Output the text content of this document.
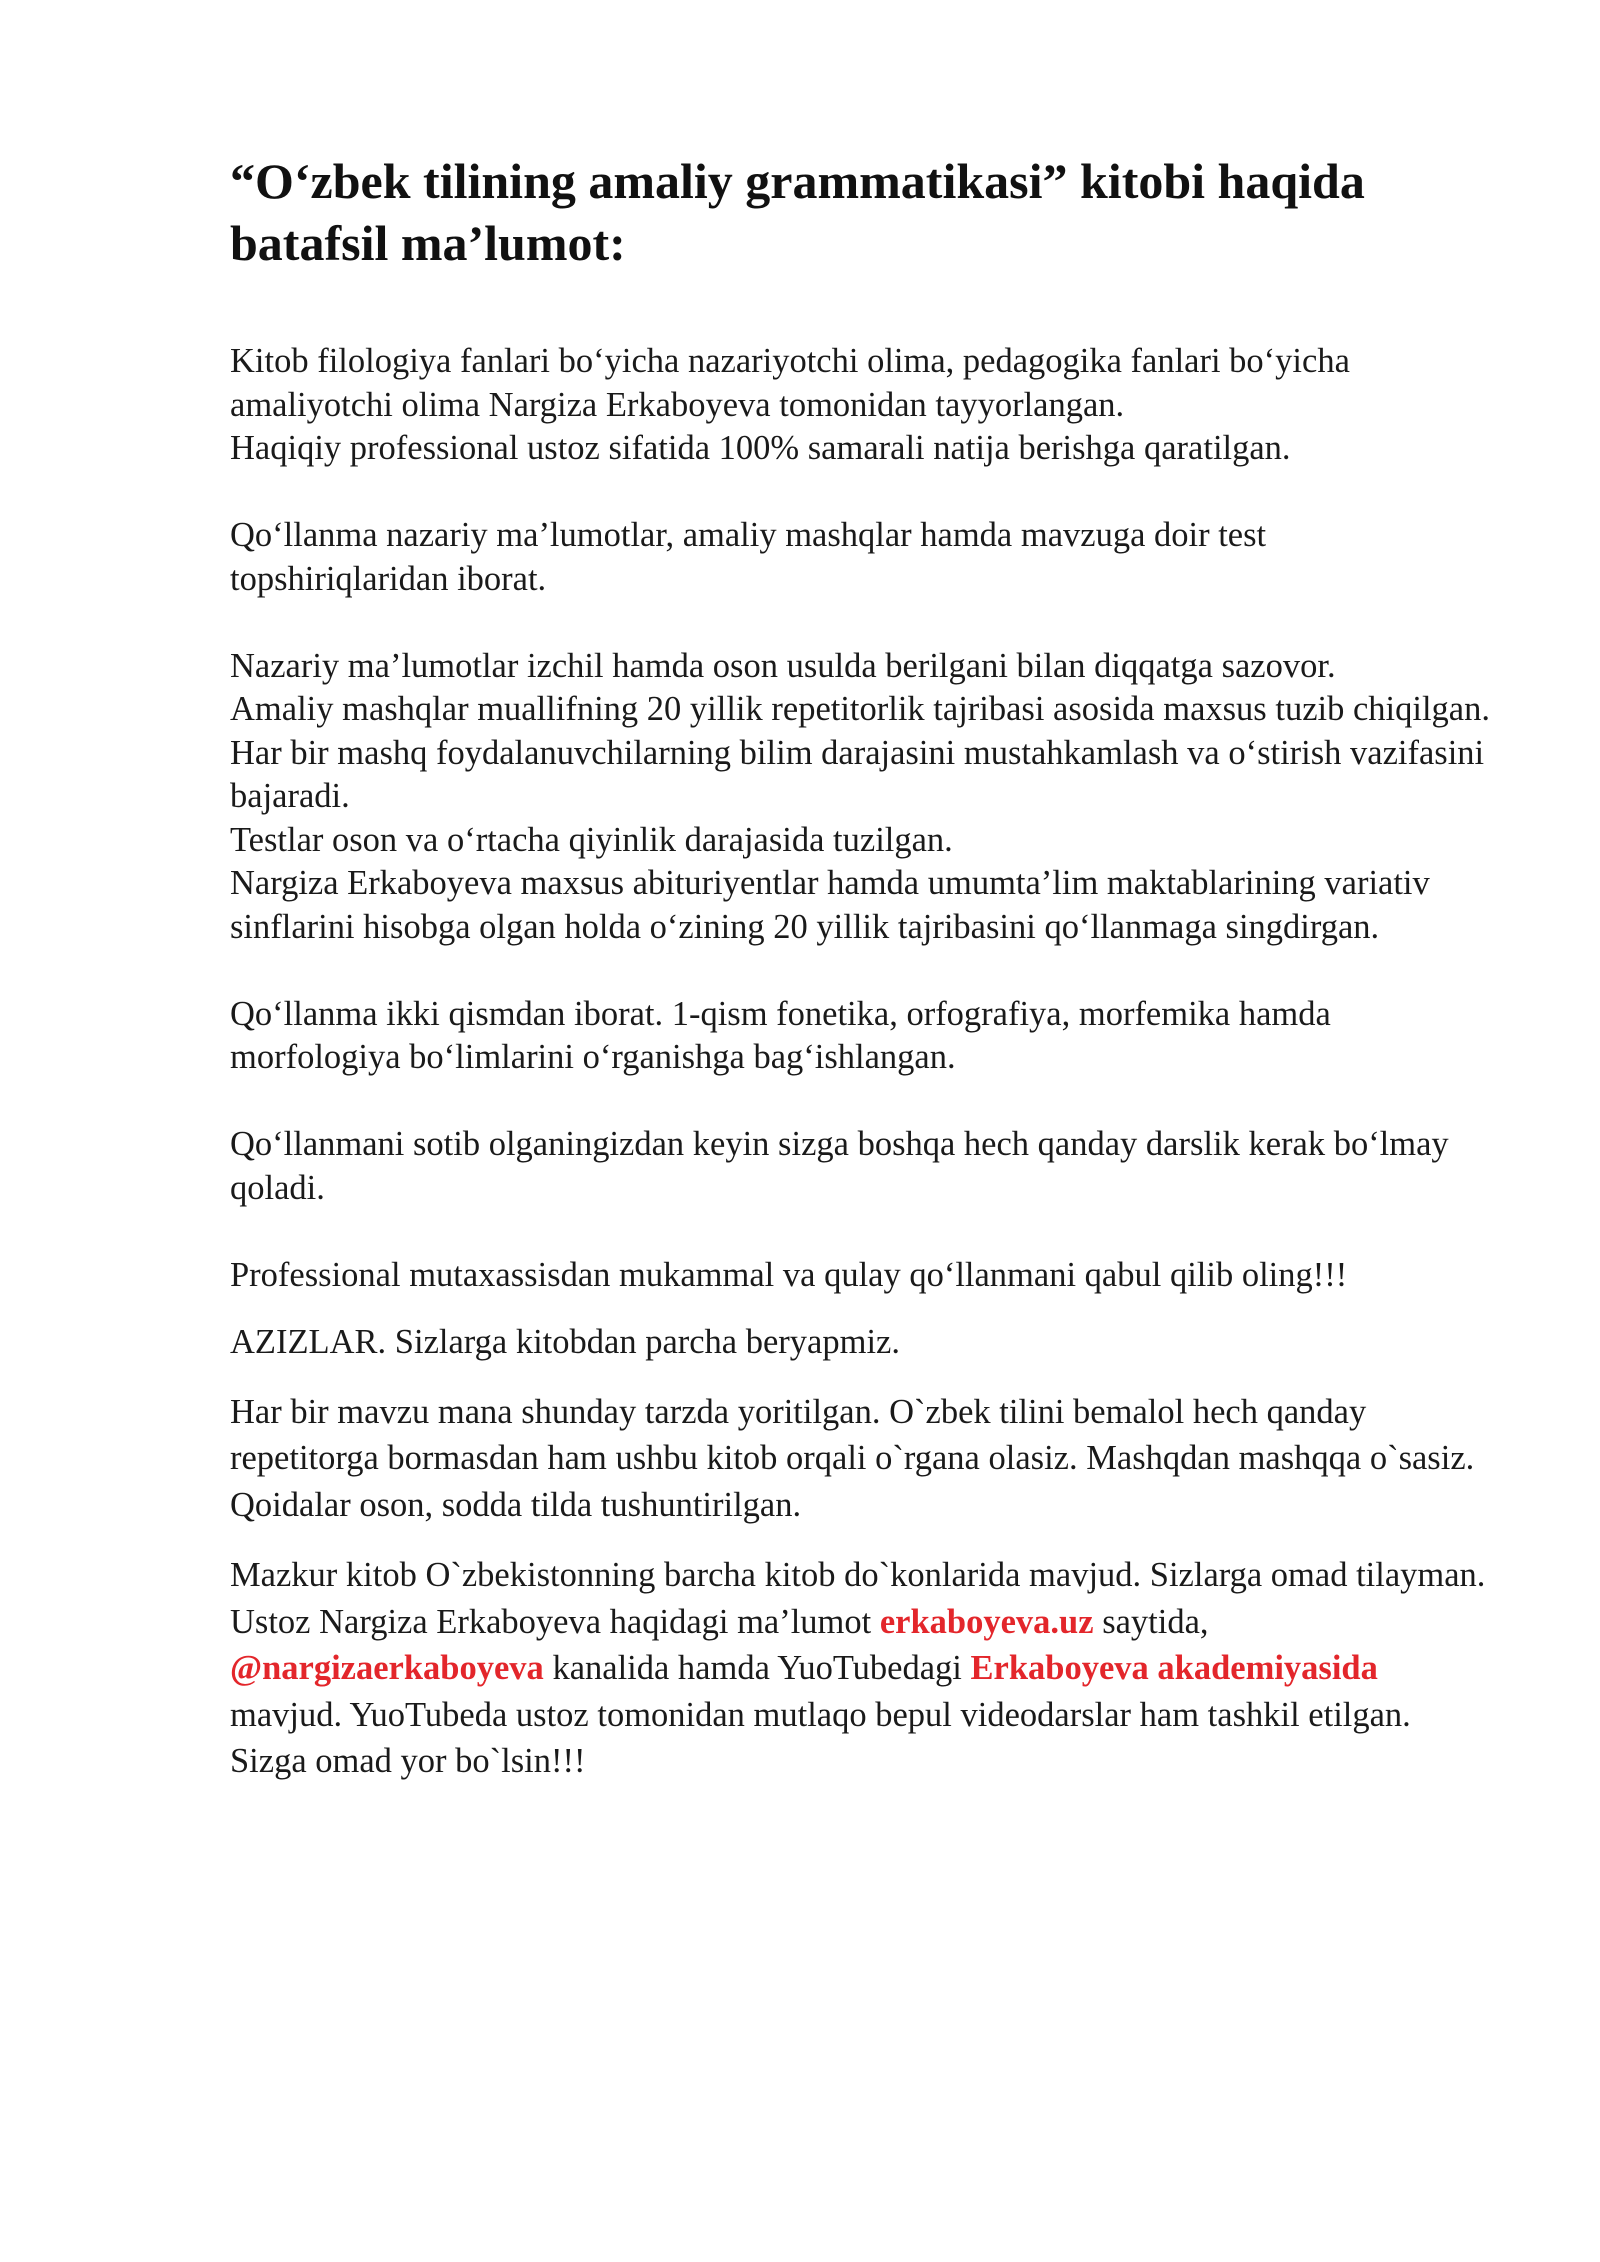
“O‘zbek tilining amaliy grammatikasi” kitobi haqida batafsil ma’lumot:

Kitob filologiya fanlari bo‘yicha nazariyotchi olima, pedagogika fanlari bo‘yicha amaliyotchi olima Nargiza Erkaboyeva tomonidan tayyorlangan.

Haqiqiy professional ustoz sifatida 100% samarali natija berishga qaratilgan.

Qo‘llanma nazariy ma’lumotlar, amaliy mashqlar hamda mavzuga doir test topshiriqlaridan iborat.

Nazariy ma’lumotlar izchil hamda oson usulda berilgani bilan diqqatga sazovor.

Amaliy mashqlar muallifning 20 yillik repetitorlik tajribasi asosida maxsus tuzib chiqilgan. Har bir mashq foydalanuvchilarning bilim darajasini mustahkamlash va o‘stirish vazifasini bajaradi.

Testlar oson va o‘rtacha qiyinlik darajasida tuzilgan.

Nargiza Erkaboyeva maxsus abituriyentlar hamda umumta’lim maktablarining variativ sinflarini hisobga olgan holda o‘zining 20 yillik tajribasini qo‘llanmaga singdirgan.

Qo‘llanma ikki qismdan iborat. 1-qism fonetika, orfografiya, morfemika hamda morfologiya bo‘limlarini o‘rganishga bag‘ishlangan.

Qo‘llanmani sotib olganingizdan keyin sizga boshqa hech qanday darslik kerak bo‘lmay qoladi.

Professional mutaxassisdan mukammal va qulay qo‘llanmani qabul qilib oling!!!

AZIZLAR. Sizlarga kitobdan parcha beryapmiz.

Har bir mavzu mana shunday tarzda yoritilgan. O`zbek tilini bemalol hech qanday repetitorga bormasdan ham ushbu kitob orqali o`rgana olasiz. Mashqdan mashqqa o`sasiz. Qoidalar oson, sodda tilda tushuntirilgan.

Mazkur kitob O`zbekistonning barcha kitob do`konlarida mavjud. Sizlarga omad tilayman. Ustoz Nargiza Erkaboyeva haqidagi ma’lumot erkaboyeva.uz saytida, @nargizaerkaboyeva kanalida hamda YuoTubedagi Erkaboyeva akademiyasida mavjud. YuoTubeda ustoz tomonidan mutlaqo bepul videodarslar ham tashkil etilgan. Sizga omad yor bo`lsin!!!
